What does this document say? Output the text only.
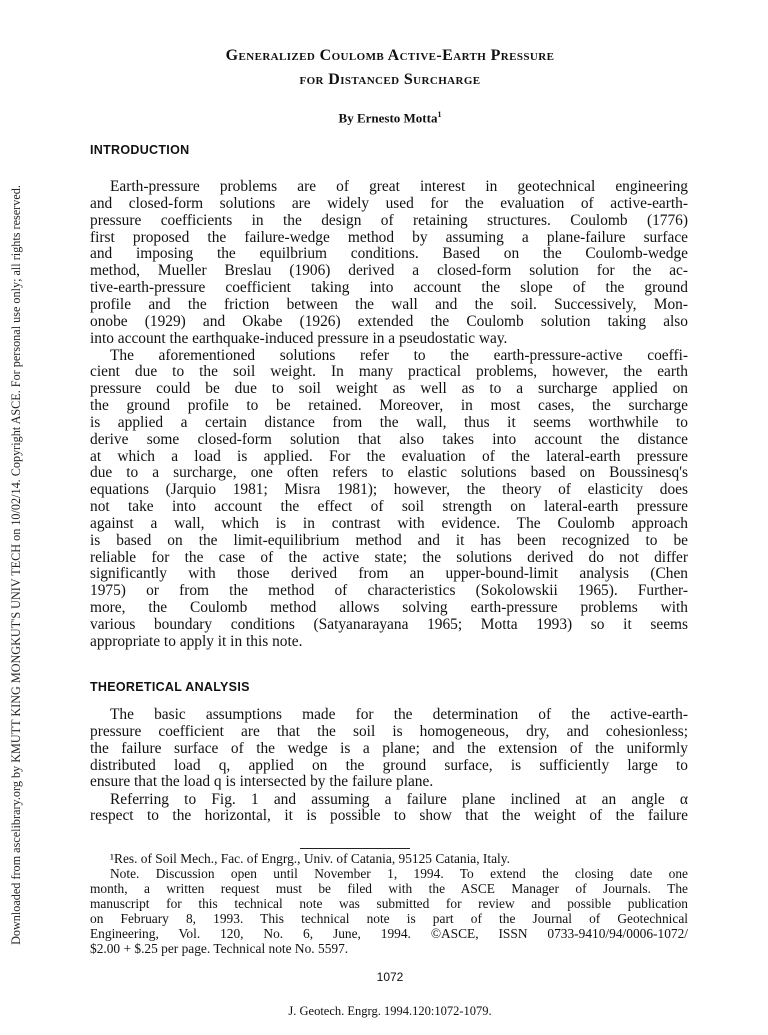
Downloaded from ascelibrary.org by KMUTT KING MONGKUT'S UNIV TECH on 10/02/14. Copyright ASCE. For personal use only; all rights reserved.
Generalized Coulomb Active-Earth Pressure
for Distanced Surcharge
By Ernesto Motta$^1$
INTRODUCTION
Earth-pressure problems are of great interest in geotechnical engineering
and closed-form solutions are widely used for the evaluation of active-earth-
pressure coefficients in the design of retaining structures. Coulomb (1776)
first proposed the failure-wedge method by assuming a plane-failure surface
and imposing the equilbrium conditions. Based on the Coulomb-wedge
method, Mueller Breslau (1906) derived a closed-form solution for the ac-
tive-earth-pressure coefficient taking into account the slope of the ground
profile and the friction between the wall and the soil. Successively, Mon-
onobe (1929) and Okabe (1926) extended the Coulomb solution taking also
into account the earthquake-induced pressure in a pseudostatic way.
The aforementioned solutions refer to the earth-pressure-active coeffi-
cient due to the soil weight. In many practical problems, however, the earth
pressure could be due to soil weight as well as to a surcharge applied on
the ground profile to be retained. Moreover, in most cases, the surcharge
is applied a certain distance from the wall, thus it seems worthwhile to
derive some closed-form solution that also takes into account the distance
at which a load is applied. For the evaluation of the lateral-earth pressure
due to a surcharge, one often refers to elastic solutions based on Boussinesq's
equations (Jarquio 1981; Misra 1981); however, the theory of elasticity does
not take into account the effect of soil strength on lateral-earth pressure
against a wall, which is in contrast with evidence. The Coulomb approach
is based on the limit-equilibrium method and it has been recognized to be
reliable for the case of the active state; the solutions derived do not differ
significantly with those derived from an upper-bound-limit analysis (Chen
1975) or from the method of characteristics (Sokolowskii 1965). Further-
more, the Coulomb method allows solving earth-pressure problems with
various boundary conditions (Satyanarayana 1965; Motta 1993) so it seems
appropriate to apply it in this note.
THEORETICAL ANALYSIS
The basic assumptions made for the determination of the active-earth-
pressure coefficient are that the soil is homogeneous, dry, and cohesionless;
the failure surface of the wedge is a plane; and the extension of the uniformly
distributed load q, applied on the ground surface, is sufficiently large to
ensure that the load q is intersected by the failure plane.
Referring to Fig. 1 and assuming a failure plane inclined at an angle α
respect to the horizontal, it is possible to show that the weight of the failure
¹Res. of Soil Mech., Fac. of Engrg., Univ. of Catania, 95125 Catania, Italy.
Note. Discussion open until November 1, 1994. To extend the closing date one
month, a written request must be filed with the ASCE Manager of Journals. The
manuscript for this technical note was submitted for review and possible publication
on February 8, 1993. This technical note is part of the Journal of Geotechnical
Engineering, Vol. 120, No. 6, June, 1994. ©ASCE, ISSN 0733-9410/94/0006-1072/
$2.00 + $.25 per page. Technical note No. 5597.
1072
J. Geotech. Engrg. 1994.120:1072-1079.
